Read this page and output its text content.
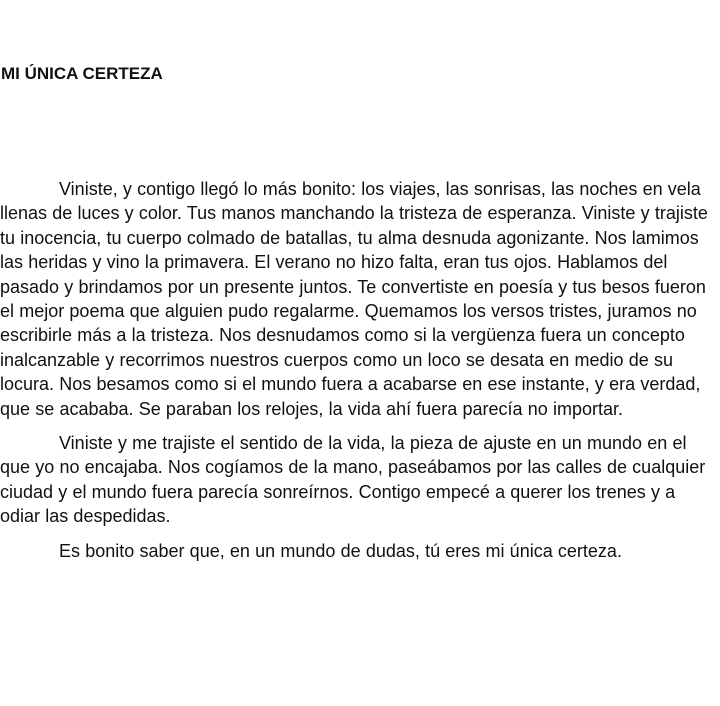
MI ÚNICA CERTEZA

Viniste, y contigo llegó lo más bonito: los viajes, las sonrisas, las noches en vela llenas de luces y color. Tus manos manchando la tristeza de esperanza. Viniste y trajiste tu inocencia, tu cuerpo colmado de batallas, tu alma desnuda agonizante. Nos lamimos las heridas y vino la primavera. El verano no hizo falta, eran tus ojos. Hablamos del pasado y brindamos por un presente juntos. Te convertiste en poesía y tus besos fueron el mejor poema que alguien pudo regalarme. Quemamos los versos tristes, juramos no escribirle más a la tristeza. Nos desnudamos como si la vergüenza fuera un concepto inalcanzable y recorrimos nuestros cuerpos como un loco se desata en medio de su locura. Nos besamos como si el mundo fuera a acabarse en ese instante, y era verdad, que se acababa. Se paraban los relojes, la vida ahí fuera parecía no importar.

Viniste y me trajiste el sentido de la vida, la pieza de ajuste en un mundo en el que yo no encajaba. Nos cogíamos de la mano, paseábamos por las calles de cualquier ciudad y el mundo fuera parecía sonreírnos. Contigo empecé a querer los trenes y a odiar las despedidas.

Es bonito saber que, en un mundo de dudas, tú eres mi única certeza.
